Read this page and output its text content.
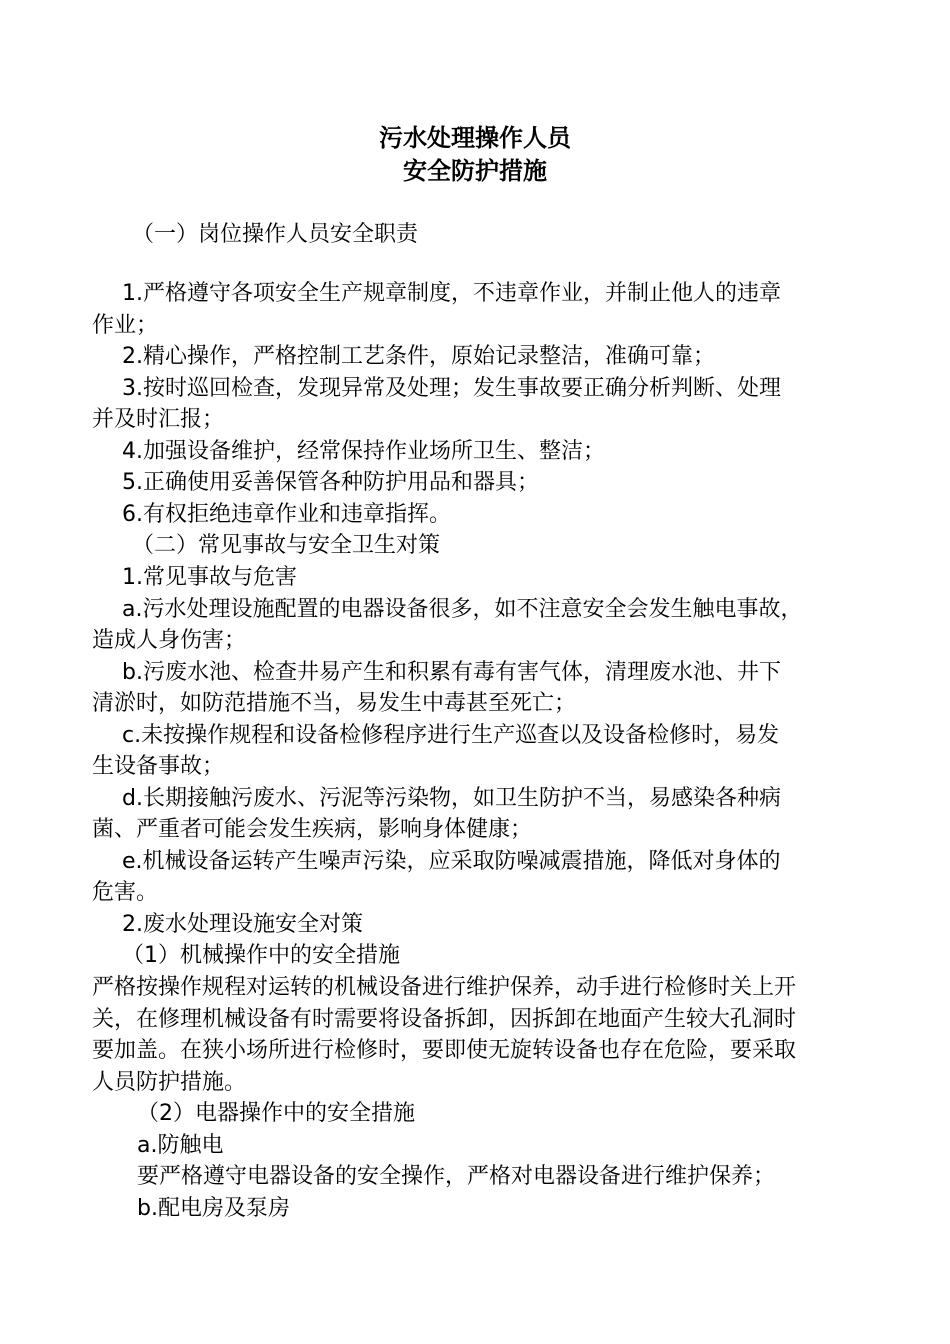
污水处理操作人员
安全防护措施
（一）岗位操作人员安全职责
1.严格遵守各项安全生产规章制度，不违章作业，并制止他人的违章
作业；
2.精心操作，严格控制工艺条件，原始记录整洁，准确可靠；
3.按时巡回检查，发现异常及处理；发生事故要正确分析判断、处理
并及时汇报；
4.加强设备维护，经常保持作业场所卫生、整洁；
5.正确使用妥善保管各种防护用品和器具；
6.有权拒绝违章作业和违章指挥。
（二）常见事故与安全卫生对策
1.常见事故与危害
a.污水处理设施配置的电器设备很多，如不注意安全会发生触电事故，
造成人身伤害；
b.污废水池、检查井易产生和积累有毒有害气体，清理废水池、井下
清淤时，如防范措施不当，易发生中毒甚至死亡；
c.未按操作规程和设备检修程序进行生产巡查以及设备检修时，易发
生设备事故；
d.长期接触污废水、污泥等污染物，如卫生防护不当，易感染各种病
菌、严重者可能会发生疾病，影响身体健康；
e.机械设备运转产生噪声污染，应采取防噪减震措施，降低对身体的
危害。
2.废水处理设施安全对策
（1）机械操作中的安全措施
严格按操作规程对运转的机械设备进行维护保养，动手进行检修时关上开
关，在修理机械设备有时需要将设备拆卸，因拆卸在地面产生较大孔洞时
要加盖。在狭小场所进行检修时，要即使无旋转设备也存在危险，要采取
人员防护措施。
（2）电器操作中的安全措施
a.防触电
要严格遵守电器设备的安全操作，严格对电器设备进行维护保养；
b.配电房及泵房
